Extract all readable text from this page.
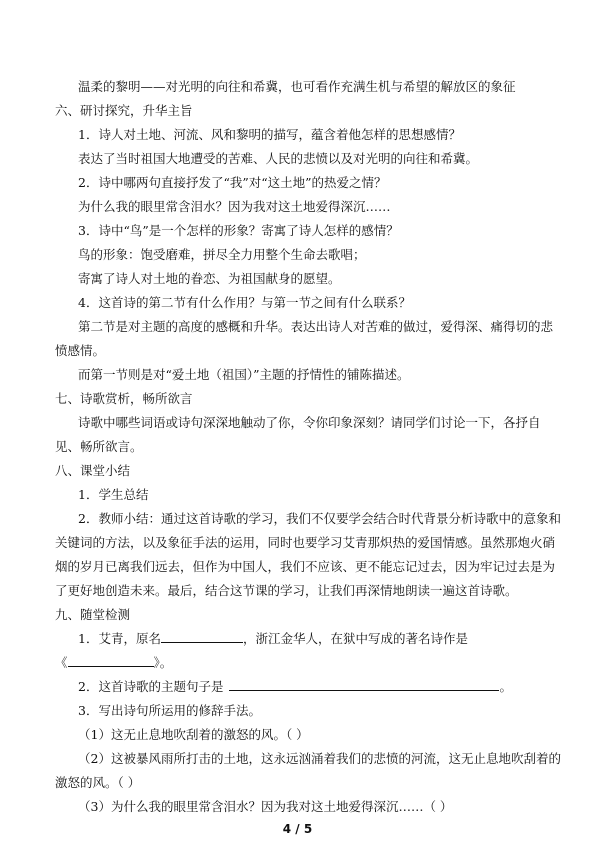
温柔的黎明——对光明的向往和希冀，也可看作充满生机与希望的解放区的象征
六、研讨探究，升华主旨
1．诗人对土地、河流、风和黎明的描写，蕴含着他怎样的思想感情？
表达了当时祖国大地遭受的苦难、人民的悲愤以及对光明的向往和希冀。
2．诗中哪两句直接抒发了“我”对“这土地”的热爱之情？
为什么我的眼里常含泪水？因为我对这土地爱得深沉……
3．诗中“鸟”是一个怎样的形象？寄寓了诗人怎样的感情？
鸟的形象：饱受磨难，拼尽全力用整个生命去歌唱；
寄寓了诗人对土地的眷恋、为祖国献身的愿望。
4．这首诗的第二节有什么作用？与第一节之间有什么联系？
第二节是对主题的高度的感概和升华。表达出诗人对苦难的做过，爱得深、痛得切的悲
愤感情。
而第一节则是对“爱土地（祖国）”主题的抒情性的铺陈描述。
七、诗歌赏析，畅所欲言
诗歌中哪些词语或诗句深深地触动了你，令你印象深刻？请同学们讨论一下，各抒自
见、畅所欲言。
八、课堂小结
1．学生总结
2．教师小结：通过这首诗歌的学习，我们不仅要学会结合时代背景分析诗歌中的意象和
关键词的方法，以及象征手法的运用，同时也要学习艾青那炽热的爱国情感。虽然那炮火硝
烟的岁月已离我们远去，但作为中国人，我们不应该、更不能忘记过去，因为牢记过去是为
了更好地创造未来。最后，结合这节课的学习，让我们再深情地朗读一遍这首诗歌。
九、随堂检测
1．艾青，原名	，浙江金华人，在狱中写成的著名诗作是
《	》。
2．这首诗歌的主题句子是	。
3．写出诗句所运用的修辞手法。
（1）这无止息地吹刮着的激怒的风。（ ）
（2）这被暴风雨所打击的土地，这永远汹涌着我们的悲愤的河流，这无止息地吹刮着的
激怒的风。（ ）
（3）为什么我的眼里常含泪水？因为我对这土地爱得深沉……（ ）
4 / 5
